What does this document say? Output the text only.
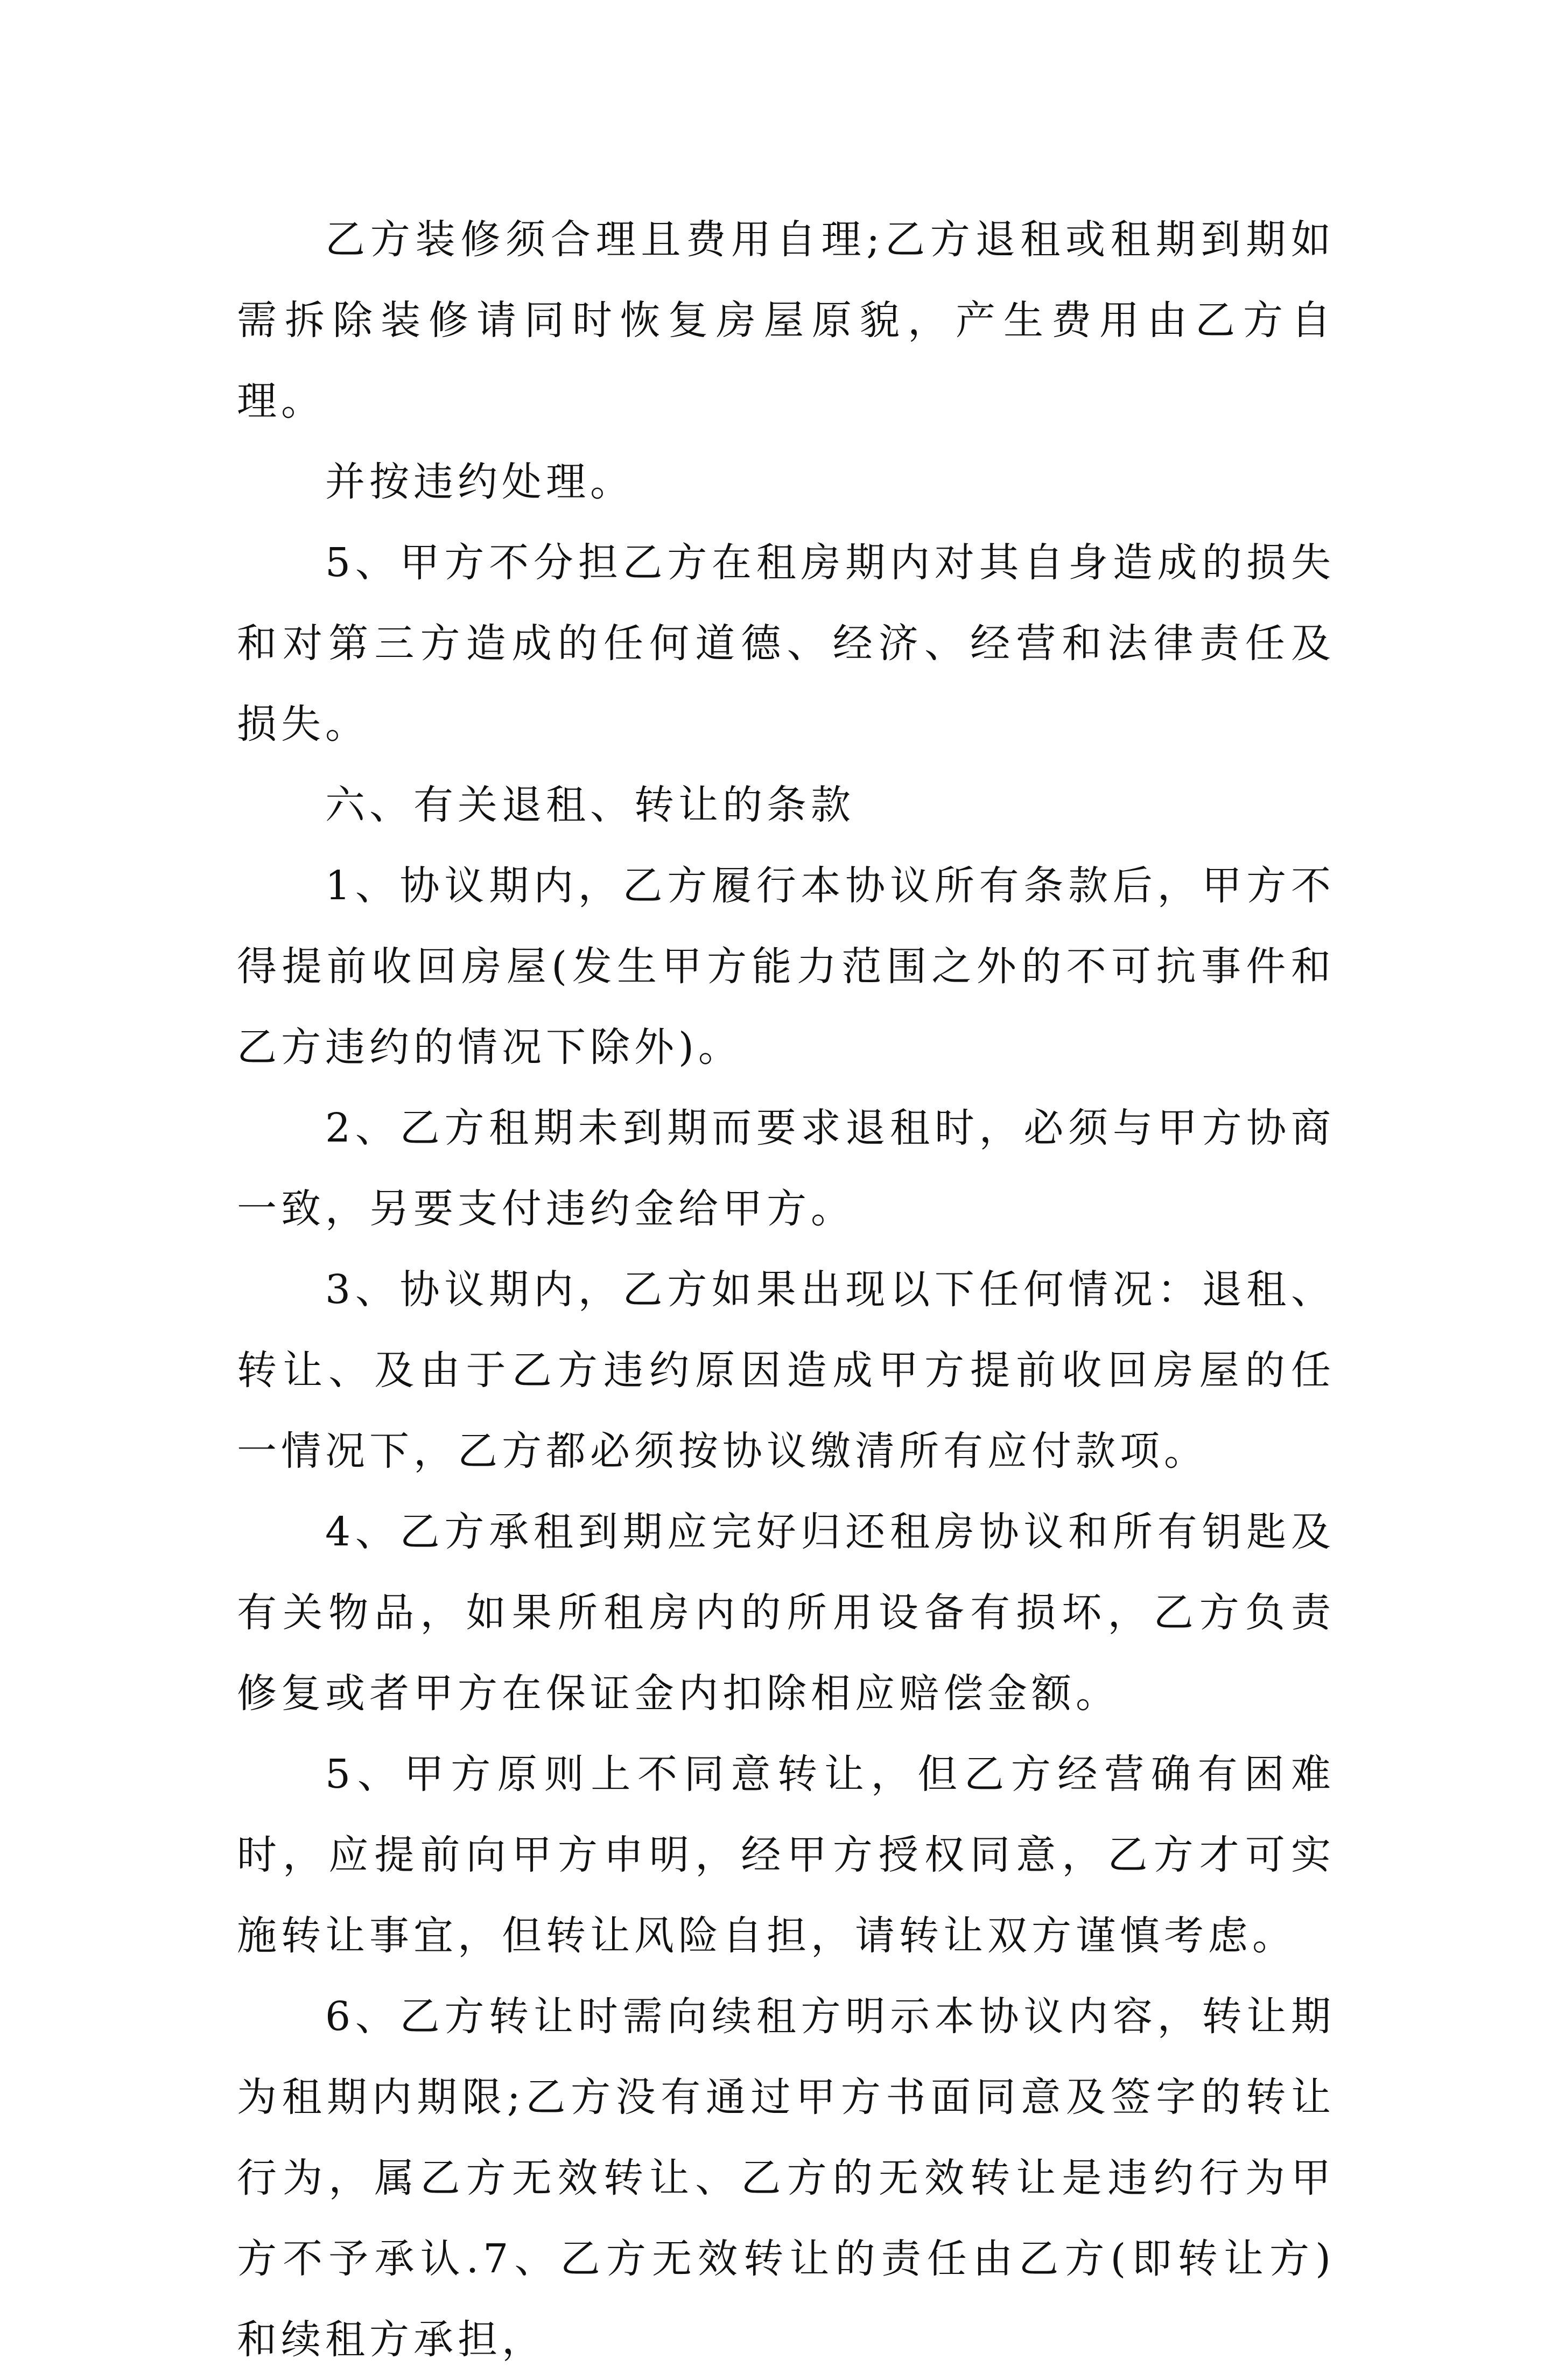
乙方装修须合理且费用自理;乙方退租或租期到期如需拆除装修请同时恢复房屋原貌，产生费用由乙方自理。

并按违约处理。

5、甲方不分担乙方在租房期内对其自身造成的损失和对第三方造成的任何道德、经济、经营和法律责任及损失。

六、有关退租、转让的条款

1、协议期内，乙方履行本协议所有条款后，甲方不得提前收回房屋(发生甲方能力范围之外的不可抗事件和乙方违约的情况下除外)。

2、乙方租期未到期而要求退租时，必须与甲方协商一致，另要支付违约金给甲方。

3、协议期内，乙方如果出现以下任何情况：退租、转让、及由于乙方违约原因造成甲方提前收回房屋的任一情况下，乙方都必须按协议缴清所有应付款项。

4、乙方承租到期应完好归还租房协议和所有钥匙及有关物品，如果所租房内的所用设备有损坏，乙方负责修复或者甲方在保证金内扣除相应赔偿金额。

5、甲方原则上不同意转让，但乙方经营确有困难时，应提前向甲方申明，经甲方授权同意，乙方才可实施转让事宜，但转让风险自担，请转让双方谨慎考虑。

6、乙方转让时需向续租方明示本协议内容，转让期为租期内期限;乙方没有通过甲方书面同意及签字的转让行为，属乙方无效转让、乙方的无效转让是违约行为甲方不予承认.7、乙方无效转让的责任由乙方(即转让方)和续租方承担，
